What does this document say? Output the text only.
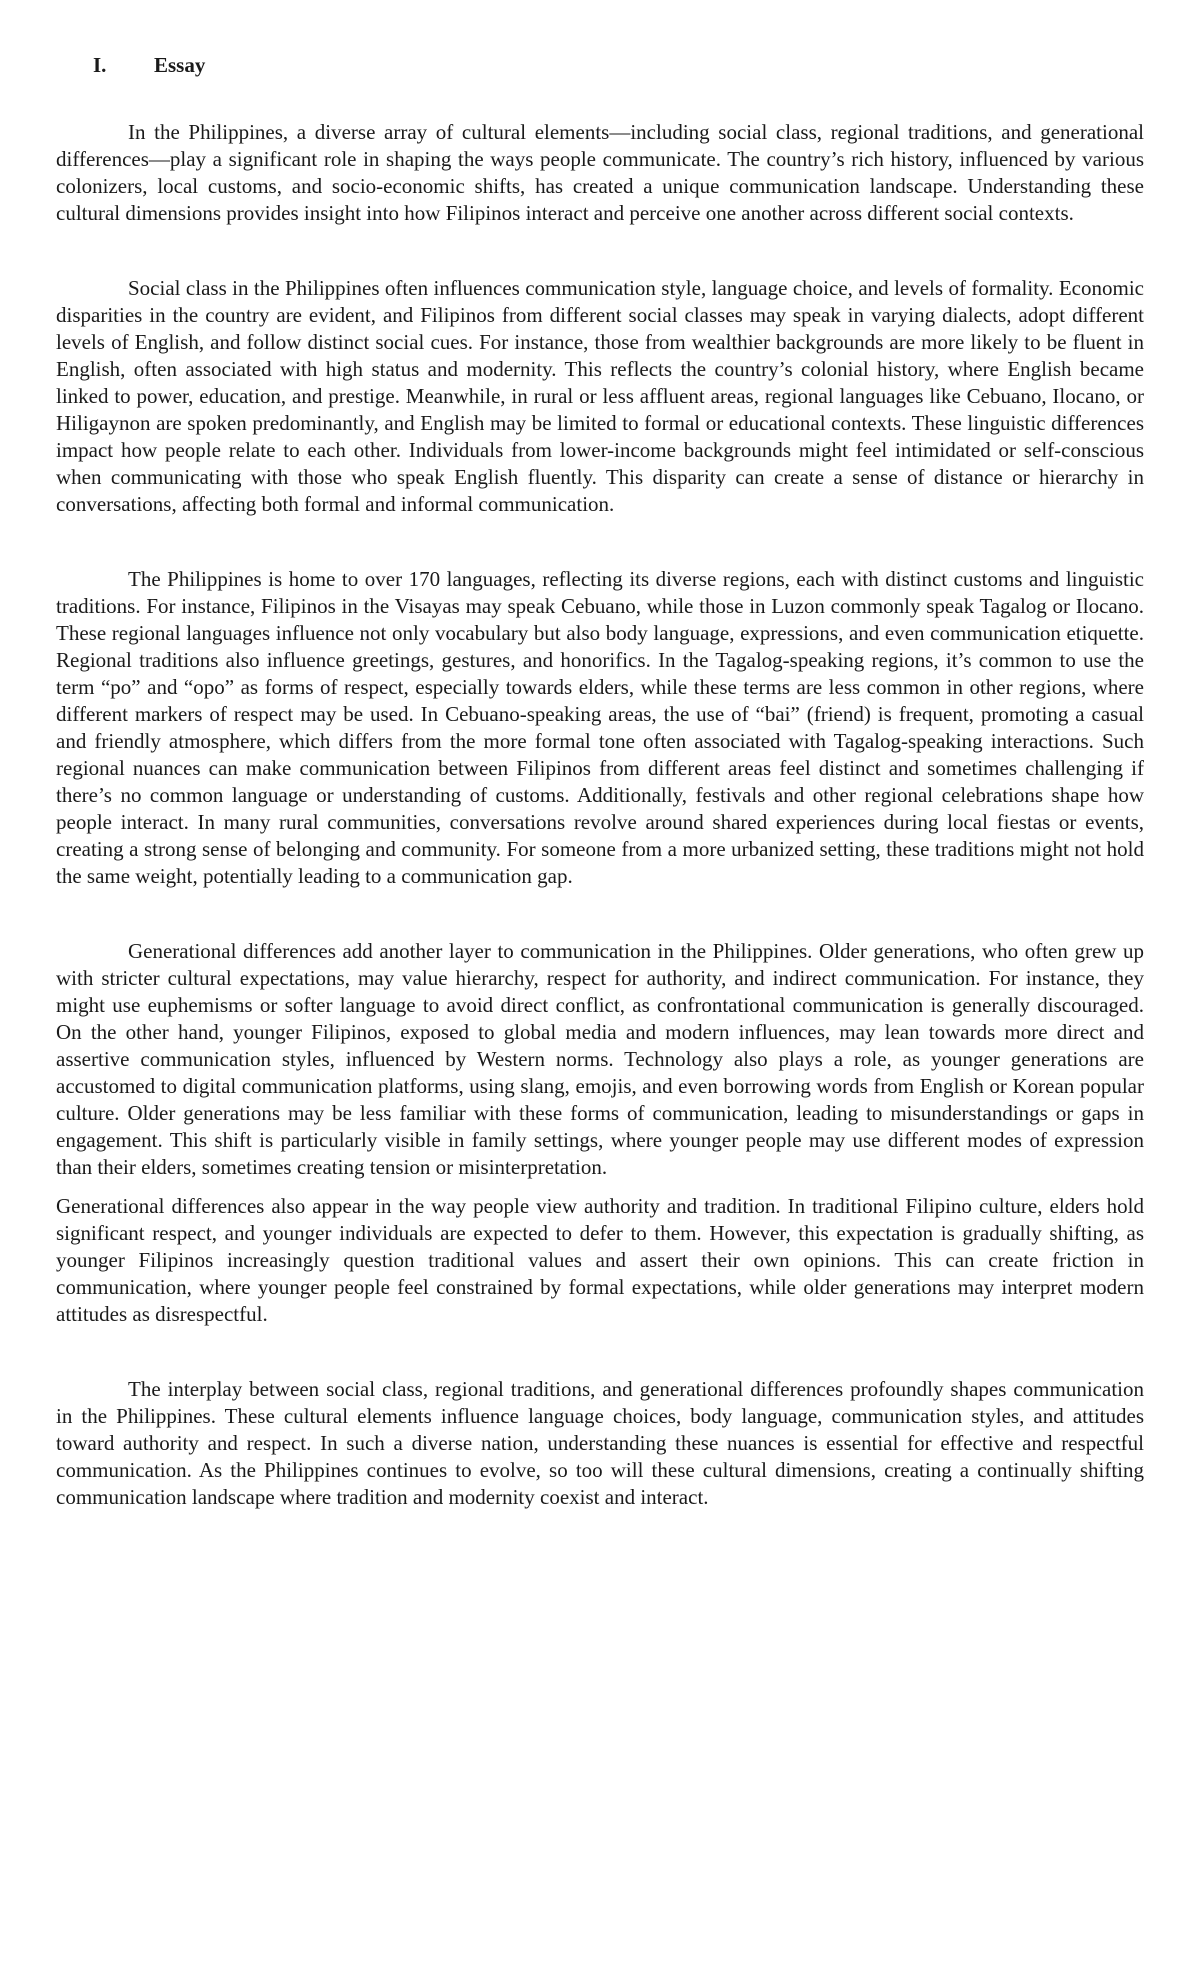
I.	Essay

In the Philippines, a diverse array of cultural elements—including social class, regional traditions, and generational differences—play a significant role in shaping the ways people communicate. The country’s rich history, influenced by various colonizers, local customs, and socio-economic shifts, has created a unique communication landscape. Understanding these cultural dimensions provides insight into how Filipinos interact and perceive one another across different social contexts.

Social class in the Philippines often influences communication style, language choice, and levels of formality. Economic disparities in the country are evident, and Filipinos from different social classes may speak in varying dialects, adopt different levels of English, and follow distinct social cues. For instance, those from wealthier backgrounds are more likely to be fluent in English, often associated with high status and modernity. This reflects the country’s colonial history, where English became linked to power, education, and prestige. Meanwhile, in rural or less affluent areas, regional languages like Cebuano, Ilocano, or Hiligaynon are spoken predominantly, and English may be limited to formal or educational contexts. These linguistic differences impact how people relate to each other. Individuals from lower-income backgrounds might feel intimidated or self-conscious when communicating with those who speak English fluently. This disparity can create a sense of distance or hierarchy in conversations, affecting both formal and informal communication.

The Philippines is home to over 170 languages, reflecting its diverse regions, each with distinct customs and linguistic traditions. For instance, Filipinos in the Visayas may speak Cebuano, while those in Luzon commonly speak Tagalog or Ilocano. These regional languages influence not only vocabulary but also body language, expressions, and even communication etiquette. Regional traditions also influence greetings, gestures, and honorifics. In the Tagalog-speaking regions, it’s common to use the term “po” and “opo” as forms of respect, especially towards elders, while these terms are less common in other regions, where different markers of respect may be used. In Cebuano-speaking areas, the use of “bai” (friend) is frequent, promoting a casual and friendly atmosphere, which differs from the more formal tone often associated with Tagalog-speaking interactions. Such regional nuances can make communication between Filipinos from different areas feel distinct and sometimes challenging if there’s no common language or understanding of customs. Additionally, festivals and other regional celebrations shape how people interact. In many rural communities, conversations revolve around shared experiences during local fiestas or events, creating a strong sense of belonging and community. For someone from a more urbanized setting, these traditions might not hold the same weight, potentially leading to a communication gap.

Generational differences add another layer to communication in the Philippines. Older generations, who often grew up with stricter cultural expectations, may value hierarchy, respect for authority, and indirect communication. For instance, they might use euphemisms or softer language to avoid direct conflict, as confrontational communication is generally discouraged. On the other hand, younger Filipinos, exposed to global media and modern influences, may lean towards more direct and assertive communication styles, influenced by Western norms. Technology also plays a role, as younger generations are accustomed to digital communication platforms, using slang, emojis, and even borrowing words from English or Korean popular culture. Older generations may be less familiar with these forms of communication, leading to misunderstandings or gaps in engagement. This shift is particularly visible in family settings, where younger people may use different modes of expression than their elders, sometimes creating tension or misinterpretation.

Generational differences also appear in the way people view authority and tradition. In traditional Filipino culture, elders hold significant respect, and younger individuals are expected to defer to them. However, this expectation is gradually shifting, as younger Filipinos increasingly question traditional values and assert their own opinions. This can create friction in communication, where younger people feel constrained by formal expectations, while older generations may interpret modern attitudes as disrespectful.

The interplay between social class, regional traditions, and generational differences profoundly shapes communication in the Philippines. These cultural elements influence language choices, body language, communication styles, and attitudes toward authority and respect. In such a diverse nation, understanding these nuances is essential for effective and respectful communication. As the Philippines continues to evolve, so too will these cultural dimensions, creating a continually shifting communication landscape where tradition and modernity coexist and interact.
